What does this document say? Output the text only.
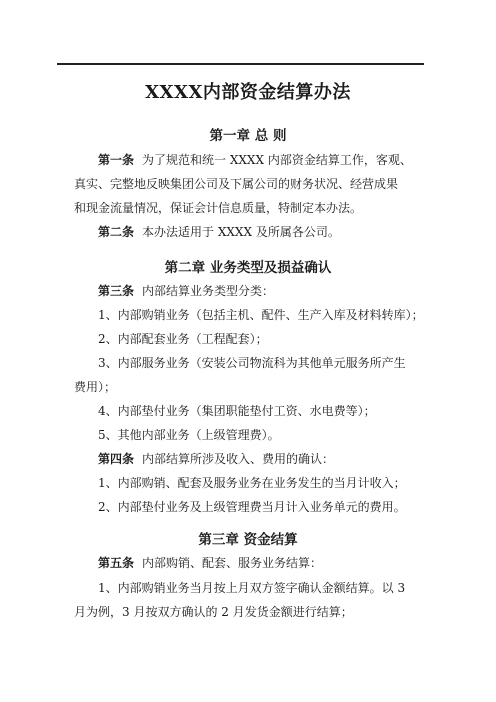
XXXX内部资金结算办法
第一章 总 则
第一条 为了规范和统一 XXXX 内部资金结算工作，客观、
真实、完整地反映集团公司及下属公司的财务状况、经营成果
和现金流量情况，保证会计信息质量，特制定本办法。
第二条 本办法适用于 XXXX 及所属各公司。
第二章 业务类型及损益确认
第三条 内部结算业务类型分类：
1、内部购销业务（包括主机、配件、生产入库及材料转库）；
2、内部配套业务（工程配套）；
3、内部服务业务（安装公司物流科为其他单元服务所产生
费用）；
4、内部垫付业务（集团职能垫付工资、水电费等）；
5、其他内部业务（上级管理费）。
第四条 内部结算所涉及收入、费用的确认：
1、内部购销、配套及服务业务在业务发生的当月计收入；
2、内部垫付业务及上级管理费当月计入业务单元的费用。
第三章 资金结算
第五条 内部购销、配套、服务业务结算：
1、内部购销业务当月按上月双方签字确认金额结算。以 3
月为例，3 月按双方确认的 2 月发货金额进行结算；
